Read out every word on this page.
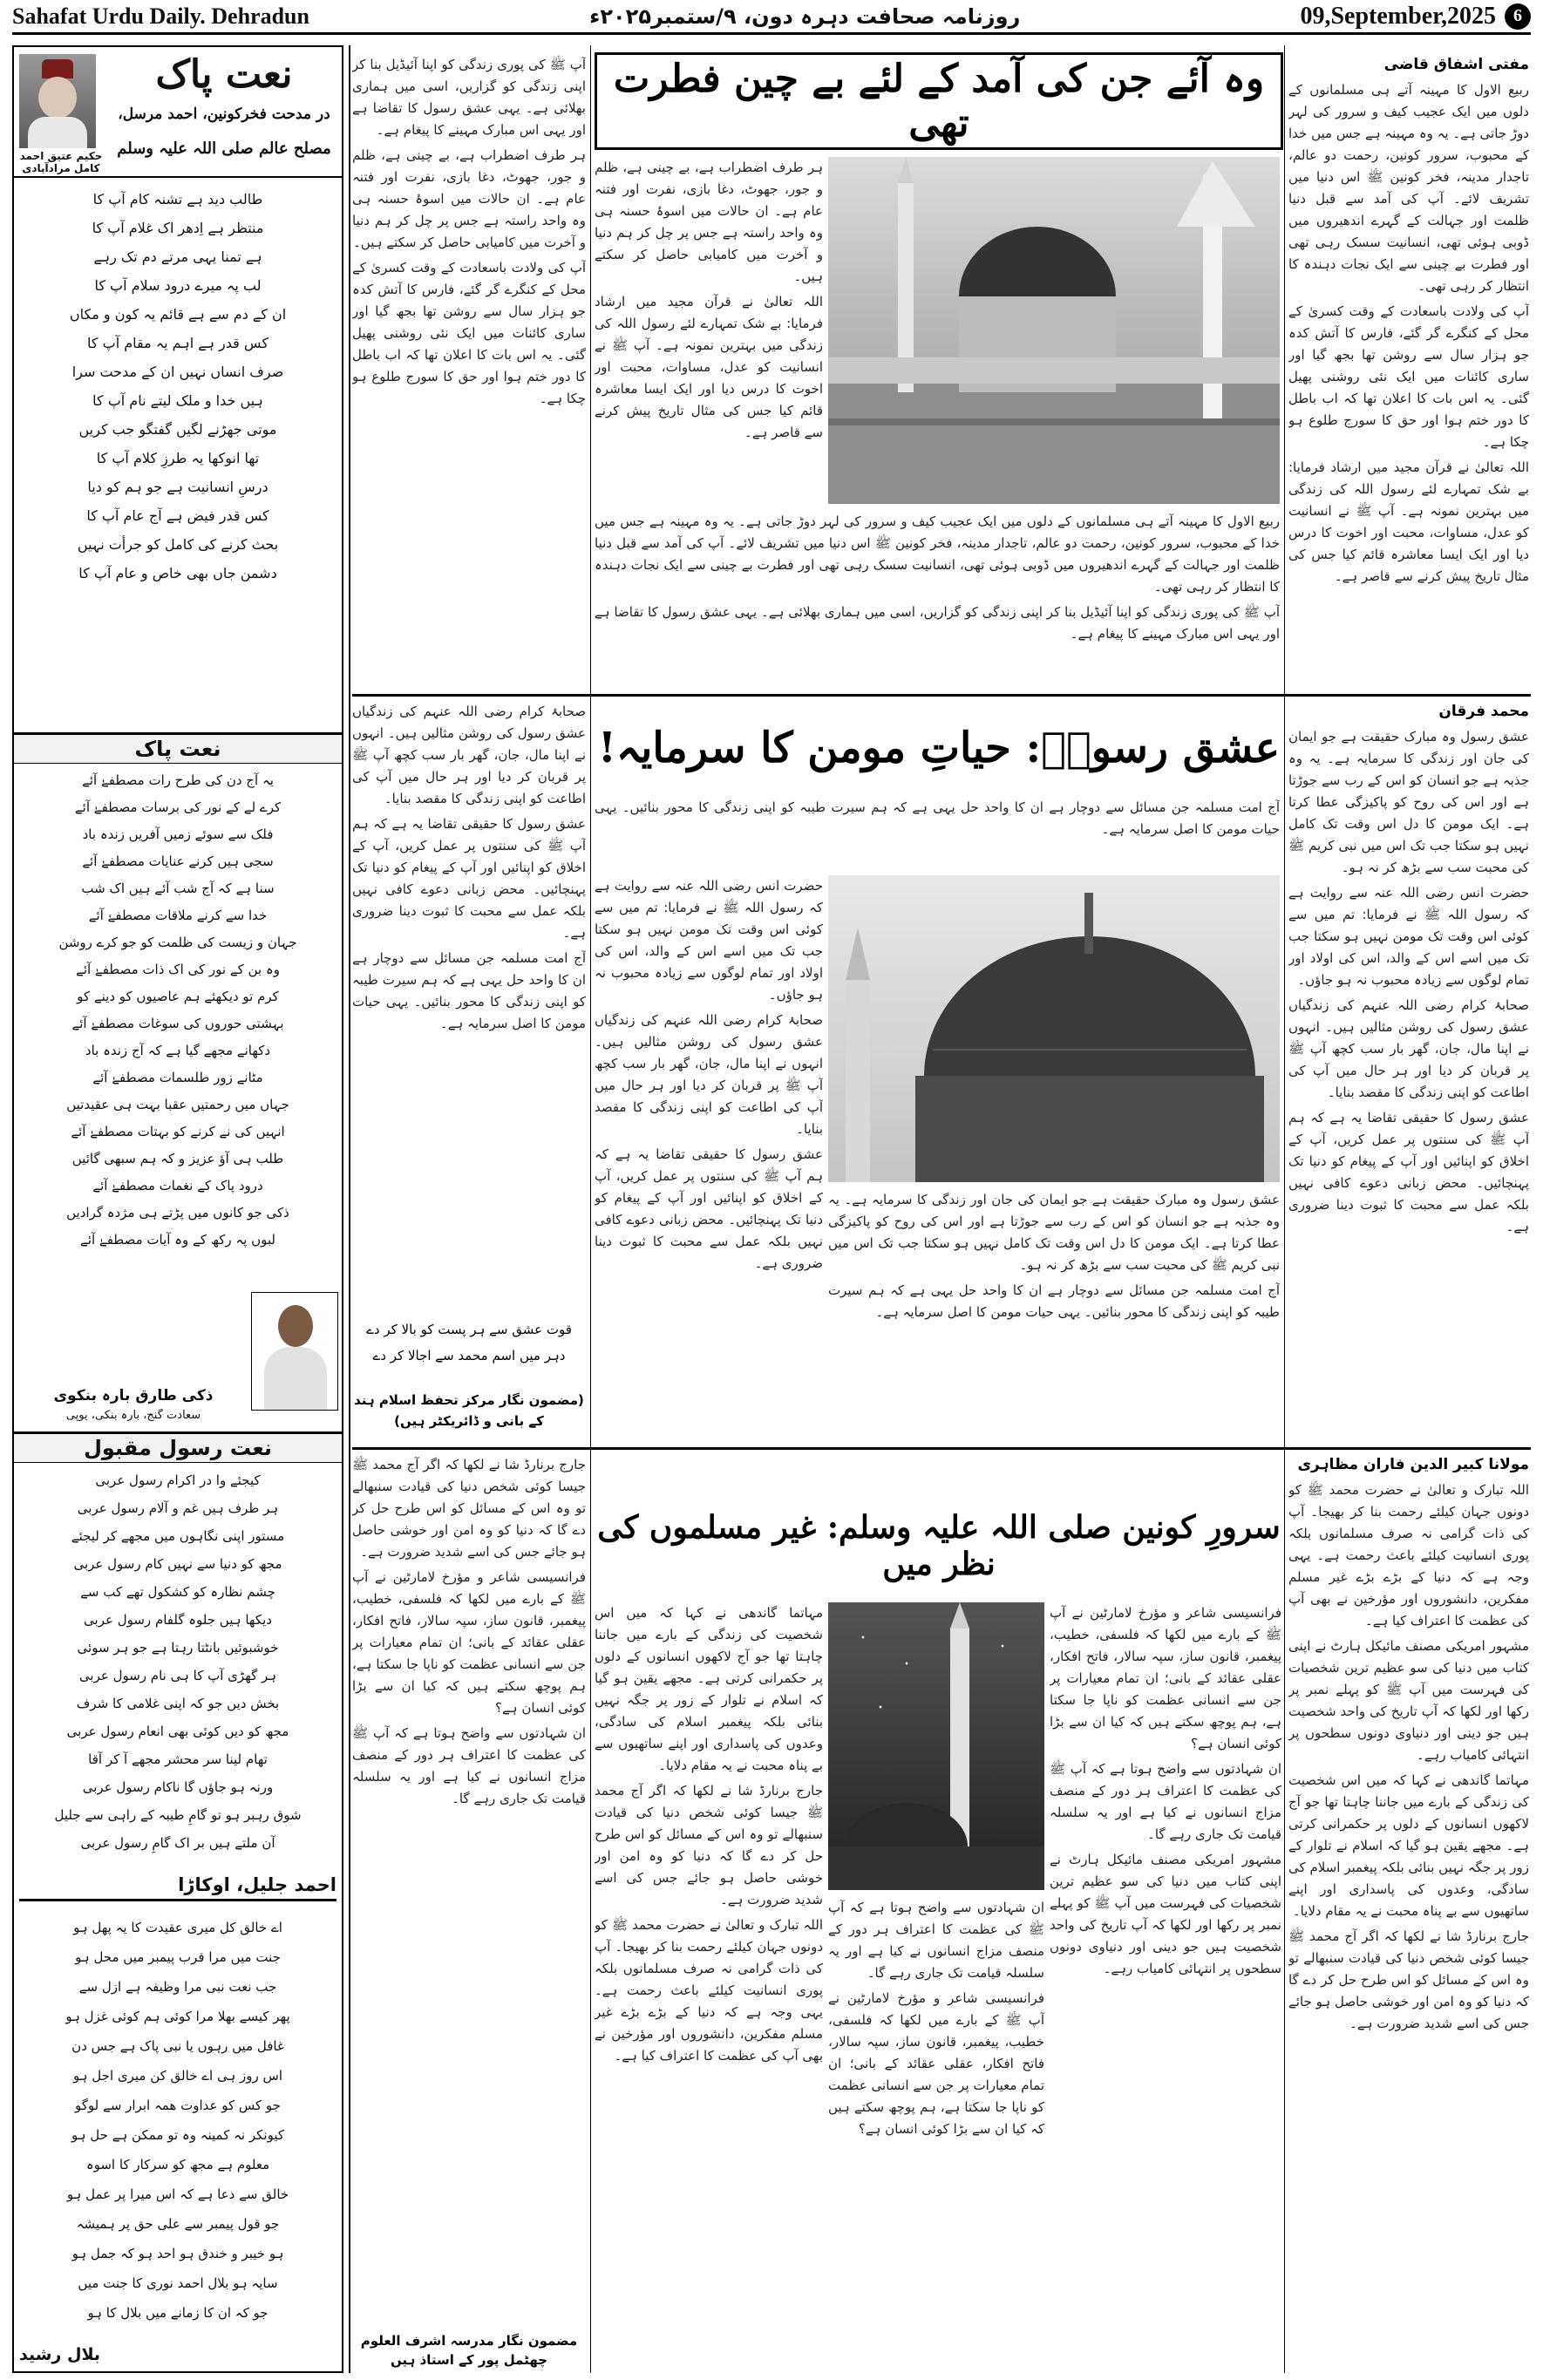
Sahafat Urdu Daily. Dehradun	روزنامہ صحافت دہرہ دون، ۹/ستمبر۲۰۲۵ء	09,September,2025	6
حکیم عتیق احمد کامل مرادآبادی
نعت پاک
در مدحت فخرکونین، احمد مرسل،
مصلح عالم صلی اللہ علیہ وسلم
طالب دید ہے تشنہ کام آپ کا
منتظر ہے اِدھر اک غلام آپ کا
ہے تمنا یہی مرتے دم تک رہے
لب پہ میرے درود سلام آپ کا
ان کے دم سے ہے قائم یہ کون و مکاں
کس قدر ہے اہم یہ مقام آپ کا
صرف انساں نہیں ان کے مدحت سرا
ہیں خدا و ملک لیتے نام آپ کا
موتی جھڑنے لگیں گفتگو جب کریں
تھا انوکھا یہ طرزِ کلام آپ کا
درسِ انسانیت ہے جو ہم کو دیا
کس قدر فیض ہے آج عام آپ کا
بحث کرنے کی کامل کو جرأت نہیں
دشمن جاں بھی خاص و عام آپ کا
نعت پاک
یہ آج دن کی طرح رات مصطفےٰ آئے
کرے لے کے نور کی برسات مصطفےٰ آئے
فلک سے سوئے زمیں آفریں زندہ باد
سجی ہیں کرنے عنایات مصطفےٰ آئے
سنا ہے کہ آج شب آئے ہیں اک شب
خدا سے کرنے ملاقات مصطفےٰ آئے
جہان و زیست کی ظلمت کو جو کرے روشن
وہ بن کے نور کی اک ذات مصطفےٰ آئے
کرم تو دیکھئے ہم عاصیوں کو دینے کو
بہشتی حوروں کی سوغات مصطفےٰ آئے
دکھانے مجھے گیا ہے کہ آج زندہ باد
مٹانے زور طلسمات مصطفےٰ آئے
جہاں میں رحمتیں عقبا بہت ہی عقیدتیں
انہیں کی نے کرنے کو بہتات مصطفےٰ آئے
طلب ہی آؤ عزیز و کہ ہم سبھی گائیں
درود پاک کے نغمات مصطفےٰ آئے
ذکی جو کانوں میں پڑتے ہی مژدہ گرادیں
لبوں پہ رکھ کے وہ آیات مصطفےٰ آئے
ذکی طارق بارہ بنکوی
سعادت گنج، بارہ بنکی، یوپی
نعت رسول مقبول
کیجئے وا در اکرام رسول عربی
ہر طرف ہیں غم و آلام رسول عربی
مستور اپنی نگاہوں میں مجھے کر لیجئے
مجھ کو دنیا سے نہیں کام رسول عربی
چشم نظارہ کو کشکول تھے کب سے
دیکھا ہیں جلوہ گلفام رسول عربی
خوشبوئیں بانٹتا رہتا ہے جو ہر سوئی
ہر گھڑی آپ کا ہی نام رسول عربی
بخش دیں جو کہ اپنی غلامی کا شرف
مجھ کو دیں کوئی بھی انعام رسول عربی
تھام لینا سر محشر مجھے آ کر آقا
ورنہ ہو جاؤں گا ناکام رسول عربی
شوق رہبر ہو تو گامِ طیبہ کے راہی سے جلیل
آن ملتے ہیں بر اک گامِ رسول عربی
احمد جلیل، اوکاڑا
اے خالق کل میری عقیدت کا یہ پھل ہو
جنت میں مرا قرب پیمبر میں محل ہو
جب نعت نبی مرا وظیفہ ہے ازل سے
پھر کیسے بھلا مرا کوئی ہم کوئی غزل ہو
غافل میں رہوں یا نبی پاک ہے جس دن
اس روز ہی اے خالق کن میری اجل ہو
جو کس کو عداوت ھمہ ابرار سے لوگو
کیونکر نہ کمینہ وہ تو ممکن ہے حل ہو
معلوم ہے مجھ کو سرکار کا اسوہ
خالق سے دعا ہے کہ اس میرا پر عمل ہو
جو قول پیمبر سے علی حق پر ہمیشہ
ہو خیبر و خندق ہو احد ہو کہ جمل ہو
سایہ ہو بلال احمد نوری کا جنت میں
جو کہ ان کا زمانے میں بلال کا ہو
بلال رشید
وہ آئے جن کی آمد کے لئے بے چین فطرت تھی
مفتی اشفاق قاضی

ربیع الاول کا مہینہ آتے ہی مسلمانوں کے دلوں میں ایک عجیب کیف و سرور کی لہر دوڑ جاتی ہے۔ یہ وہ مہینہ ہے جس میں خدا کے محبوب، سرور کونین، رحمت دو عالم، تاجدار مدینہ، فخر کونین ﷺ اس دنیا میں تشریف لائے۔ آپ کی آمد سے قبل دنیا ظلمت اور جہالت کے گہرے اندھیروں میں ڈوبی ہوئی تھی، انسانیت سسک رہی تھی اور فطرت بے چینی سے ایک نجات دہندہ کا انتظار کر رہی تھی۔

آپ کی ولادت باسعادت کے وقت کسریٰ کے محل کے کنگرے گر گئے، فارس کا آتش کدہ جو ہزار سال سے روشن تھا بجھ گیا اور ساری کائنات میں ایک نئی روشنی پھیل گئی۔ یہ اس بات کا اعلان تھا کہ اب باطل کا دور ختم ہوا اور حق کا سورج طلوع ہو چکا ہے۔

اللہ تعالیٰ نے قرآن مجید میں ارشاد فرمایا: بے شک تمہارے لئے رسول اللہ کی زندگی میں بہترین نمونہ ہے۔ آپ ﷺ نے انسانیت کو عدل، مساوات، محبت اور اخوت کا درس دیا اور ایک ایسا معاشرہ قائم کیا جس کی مثال تاریخ پیش کرنے سے قاصر ہے۔

ہر طرف اضطراب ہے، بے چینی ہے، ظلم و جور، جھوٹ، دغا بازی، نفرت اور فتنہ عام ہے۔ ان حالات میں اسوۂ حسنہ ہی وہ واحد راستہ ہے جس پر چل کر ہم دنیا و آخرت میں کامیابی حاصل کر سکتے ہیں۔

اللہ تعالیٰ نے قرآن مجید میں ارشاد فرمایا: بے شک تمہارے لئے رسول اللہ کی زندگی میں بہترین نمونہ ہے۔ آپ ﷺ نے انسانیت کو عدل، مساوات، محبت اور اخوت کا درس دیا اور ایک ایسا معاشرہ قائم کیا جس کی مثال تاریخ پیش کرنے سے قاصر ہے۔

ربیع الاول کا مہینہ آتے ہی مسلمانوں کے دلوں میں ایک عجیب کیف و سرور کی لہر دوڑ جاتی ہے۔ یہ وہ مہینہ ہے جس میں خدا کے محبوب، سرور کونین، رحمت دو عالم، تاجدار مدینہ، فخر کونین ﷺ اس دنیا میں تشریف لائے۔ آپ کی آمد سے قبل دنیا ظلمت اور جہالت کے گہرے اندھیروں میں ڈوبی ہوئی تھی، انسانیت سسک رہی تھی اور فطرت بے چینی سے ایک نجات دہندہ کا انتظار کر رہی تھی۔

آپ ﷺ کی پوری زندگی کو اپنا آئیڈیل بنا کر اپنی زندگی کو گزاریں، اسی میں ہماری بھلائی ہے۔ یہی عشق رسول کا تقاضا ہے اور یہی اس مبارک مہینے کا پیغام ہے۔

آپ ﷺ کی پوری زندگی کو اپنا آئیڈیل بنا کر اپنی زندگی کو گزاریں، اسی میں ہماری بھلائی ہے۔ یہی عشق رسول کا تقاضا ہے اور یہی اس مبارک مہینے کا پیغام ہے۔

ہر طرف اضطراب ہے، بے چینی ہے، ظلم و جور، جھوٹ، دغا بازی، نفرت اور فتنہ عام ہے۔ ان حالات میں اسوۂ حسنہ ہی وہ واحد راستہ ہے جس پر چل کر ہم دنیا و آخرت میں کامیابی حاصل کر سکتے ہیں۔

آپ کی ولادت باسعادت کے وقت کسریٰ کے محل کے کنگرے گر گئے، فارس کا آتش کدہ جو ہزار سال سے روشن تھا بجھ گیا اور ساری کائنات میں ایک نئی روشنی پھیل گئی۔ یہ اس بات کا اعلان تھا کہ اب باطل کا دور ختم ہوا اور حق کا سورج طلوع ہو چکا ہے۔

عشق رسولؐ: حیاتِ مومن کا سرمایہ!
محمد فرقان

عشق رسول وہ مبارک حقیقت ہے جو ایمان کی جان اور زندگی کا سرمایہ ہے۔ یہ وہ جذبہ ہے جو انسان کو اس کے رب سے جوڑتا ہے اور اس کی روح کو پاکیزگی عطا کرتا ہے۔ ایک مومن کا دل اس وقت تک کامل نہیں ہو سکتا جب تک اس میں نبی کریم ﷺ کی محبت سب سے بڑھ کر نہ ہو۔

حضرت انس رضی اللہ عنہ سے روایت ہے کہ رسول اللہ ﷺ نے فرمایا: تم میں سے کوئی اس وقت تک مومن نہیں ہو سکتا جب تک میں اسے اس کے والد، اس کی اولاد اور تمام لوگوں سے زیادہ محبوب نہ ہو جاؤں۔

صحابۂ کرام رضی اللہ عنہم کی زندگیاں عشق رسول کی روشن مثالیں ہیں۔ انہوں نے اپنا مال، جان، گھر بار سب کچھ آپ ﷺ پر قربان کر دیا اور ہر حال میں آپ کی اطاعت کو اپنی زندگی کا مقصد بنایا۔

عشق رسول کا حقیقی تقاضا یہ ہے کہ ہم آپ ﷺ کی سنتوں پر عمل کریں، آپ کے اخلاق کو اپنائیں اور آپ کے پیغام کو دنیا تک پہنچائیں۔ محض زبانی دعوے کافی نہیں بلکہ عمل سے محبت کا ثبوت دینا ضروری ہے۔

آج امت مسلمہ جن مسائل سے دوچار ہے ان کا واحد حل یہی ہے کہ ہم سیرت طیبہ کو اپنی زندگی کا محور بنائیں۔ یہی حیات مومن کا اصل سرمایہ ہے۔

حضرت انس رضی اللہ عنہ سے روایت ہے کہ رسول اللہ ﷺ نے فرمایا: تم میں سے کوئی اس وقت تک مومن نہیں ہو سکتا جب تک میں اسے اس کے والد، اس کی اولاد اور تمام لوگوں سے زیادہ محبوب نہ ہو جاؤں۔

صحابۂ کرام رضی اللہ عنہم کی زندگیاں عشق رسول کی روشن مثالیں ہیں۔ انہوں نے اپنا مال، جان، گھر بار سب کچھ آپ ﷺ پر قربان کر دیا اور ہر حال میں آپ کی اطاعت کو اپنی زندگی کا مقصد بنایا۔

عشق رسول کا حقیقی تقاضا یہ ہے کہ ہم آپ ﷺ کی سنتوں پر عمل کریں، آپ کے اخلاق کو اپنائیں اور آپ کے پیغام کو دنیا تک پہنچائیں۔ محض زبانی دعوے کافی نہیں بلکہ عمل سے محبت کا ثبوت دینا ضروری ہے۔

عشق رسول وہ مبارک حقیقت ہے جو ایمان کی جان اور زندگی کا سرمایہ ہے۔ یہ وہ جذبہ ہے جو انسان کو اس کے رب سے جوڑتا ہے اور اس کی روح کو پاکیزگی عطا کرتا ہے۔ ایک مومن کا دل اس وقت تک کامل نہیں ہو سکتا جب تک اس میں نبی کریم ﷺ کی محبت سب سے بڑھ کر نہ ہو۔

آج امت مسلمہ جن مسائل سے دوچار ہے ان کا واحد حل یہی ہے کہ ہم سیرت طیبہ کو اپنی زندگی کا محور بنائیں۔ یہی حیات مومن کا اصل سرمایہ ہے۔

صحابۂ کرام رضی اللہ عنہم کی زندگیاں عشق رسول کی روشن مثالیں ہیں۔ انہوں نے اپنا مال، جان، گھر بار سب کچھ آپ ﷺ پر قربان کر دیا اور ہر حال میں آپ کی اطاعت کو اپنی زندگی کا مقصد بنایا۔

عشق رسول کا حقیقی تقاضا یہ ہے کہ ہم آپ ﷺ کی سنتوں پر عمل کریں، آپ کے اخلاق کو اپنائیں اور آپ کے پیغام کو دنیا تک پہنچائیں۔ محض زبانی دعوے کافی نہیں بلکہ عمل سے محبت کا ثبوت دینا ضروری ہے۔

آج امت مسلمہ جن مسائل سے دوچار ہے ان کا واحد حل یہی ہے کہ ہم سیرت طیبہ کو اپنی زندگی کا محور بنائیں۔ یہی حیات مومن کا اصل سرمایہ ہے۔

قوت عشق سے ہر پست کو بالا کر دے
دہر میں اسم محمد سے اجالا کر دے
(مضمون نگار مرکز تحفظ اسلام ہند کے بانی و ڈائریکٹر ہیں)
سرورِ کونین صلی اللہ علیہ وسلم: غیر مسلموں کی نظر میں
مولانا کبیر الدین فاران مظاہری

اللہ تبارک و تعالیٰ نے حضرت محمد ﷺ کو دونوں جہان کیلئے رحمت بنا کر بھیجا۔ آپ کی ذات گرامی نہ صرف مسلمانوں بلکہ پوری انسانیت کیلئے باعث رحمت ہے۔ یہی وجہ ہے کہ دنیا کے بڑے بڑے غیر مسلم مفکرین، دانشوروں اور مؤرخین نے بھی آپ کی عظمت کا اعتراف کیا ہے۔

مشہور امریکی مصنف مائیکل ہارٹ نے اپنی کتاب میں دنیا کی سو عظیم ترین شخصیات کی فہرست میں آپ ﷺ کو پہلے نمبر پر رکھا اور لکھا کہ آپ تاریخ کی واحد شخصیت ہیں جو دینی اور دنیاوی دونوں سطحوں پر انتہائی کامیاب رہے۔

مہاتما گاندھی نے کہا کہ میں اس شخصیت کی زندگی کے بارے میں جاننا چاہتا تھا جو آج لاکھوں انسانوں کے دلوں پر حکمرانی کرتی ہے۔ مجھے یقین ہو گیا کہ اسلام نے تلوار کے زور پر جگہ نہیں بنائی بلکہ پیغمبر اسلام کی سادگی، وعدوں کی پاسداری اور اپنے ساتھیوں سے بے پناہ محبت نے یہ مقام دلایا۔

جارج برنارڈ شا نے لکھا کہ اگر آج محمد ﷺ جیسا کوئی شخص دنیا کی قیادت سنبھالے تو وہ اس کے مسائل کو اس طرح حل کر دے گا کہ دنیا کو وہ امن اور خوشی حاصل ہو جائے جس کی اسے شدید ضرورت ہے۔

فرانسیسی شاعر و مؤرخ لامارٹین نے آپ ﷺ کے بارے میں لکھا کہ فلسفی، خطیب، پیغمبر، قانون ساز، سپہ سالار، فاتح افکار، عقلی عقائد کے بانی؛ ان تمام معیارات پر جن سے انسانی عظمت کو ناپا جا سکتا ہے، ہم پوچھ سکتے ہیں کہ کیا ان سے بڑا کوئی انسان ہے؟

ان شہادتوں سے واضح ہوتا ہے کہ آپ ﷺ کی عظمت کا اعتراف ہر دور کے منصف مزاج انسانوں نے کیا ہے اور یہ سلسلہ قیامت تک جاری رہے گا۔

مشہور امریکی مصنف مائیکل ہارٹ نے اپنی کتاب میں دنیا کی سو عظیم ترین شخصیات کی فہرست میں آپ ﷺ کو پہلے نمبر پر رکھا اور لکھا کہ آپ تاریخ کی واحد شخصیت ہیں جو دینی اور دنیاوی دونوں سطحوں پر انتہائی کامیاب رہے۔

مہاتما گاندھی نے کہا کہ میں اس شخصیت کی زندگی کے بارے میں جاننا چاہتا تھا جو آج لاکھوں انسانوں کے دلوں پر حکمرانی کرتی ہے۔ مجھے یقین ہو گیا کہ اسلام نے تلوار کے زور پر جگہ نہیں بنائی بلکہ پیغمبر اسلام کی سادگی، وعدوں کی پاسداری اور اپنے ساتھیوں سے بے پناہ محبت نے یہ مقام دلایا۔

جارج برنارڈ شا نے لکھا کہ اگر آج محمد ﷺ جیسا کوئی شخص دنیا کی قیادت سنبھالے تو وہ اس کے مسائل کو اس طرح حل کر دے گا کہ دنیا کو وہ امن اور خوشی حاصل ہو جائے جس کی اسے شدید ضرورت ہے۔

اللہ تبارک و تعالیٰ نے حضرت محمد ﷺ کو دونوں جہان کیلئے رحمت بنا کر بھیجا۔ آپ کی ذات گرامی نہ صرف مسلمانوں بلکہ پوری انسانیت کیلئے باعث رحمت ہے۔ یہی وجہ ہے کہ دنیا کے بڑے بڑے غیر مسلم مفکرین، دانشوروں اور مؤرخین نے بھی آپ کی عظمت کا اعتراف کیا ہے۔

ان شہادتوں سے واضح ہوتا ہے کہ آپ ﷺ کی عظمت کا اعتراف ہر دور کے منصف مزاج انسانوں نے کیا ہے اور یہ سلسلہ قیامت تک جاری رہے گا۔

فرانسیسی شاعر و مؤرخ لامارٹین نے آپ ﷺ کے بارے میں لکھا کہ فلسفی، خطیب، پیغمبر، قانون ساز، سپہ سالار، فاتح افکار، عقلی عقائد کے بانی؛ ان تمام معیارات پر جن سے انسانی عظمت کو ناپا جا سکتا ہے، ہم پوچھ سکتے ہیں کہ کیا ان سے بڑا کوئی انسان ہے؟

جارج برنارڈ شا نے لکھا کہ اگر آج محمد ﷺ جیسا کوئی شخص دنیا کی قیادت سنبھالے تو وہ اس کے مسائل کو اس طرح حل کر دے گا کہ دنیا کو وہ امن اور خوشی حاصل ہو جائے جس کی اسے شدید ضرورت ہے۔

فرانسیسی شاعر و مؤرخ لامارٹین نے آپ ﷺ کے بارے میں لکھا کہ فلسفی، خطیب، پیغمبر، قانون ساز، سپہ سالار، فاتح افکار، عقلی عقائد کے بانی؛ ان تمام معیارات پر جن سے انسانی عظمت کو ناپا جا سکتا ہے، ہم پوچھ سکتے ہیں کہ کیا ان سے بڑا کوئی انسان ہے؟

ان شہادتوں سے واضح ہوتا ہے کہ آپ ﷺ کی عظمت کا اعتراف ہر دور کے منصف مزاج انسانوں نے کیا ہے اور یہ سلسلہ قیامت تک جاری رہے گا۔

مضمون نگار مدرسہ اشرف العلوم چھٹمل پور کے استاذ ہیں
